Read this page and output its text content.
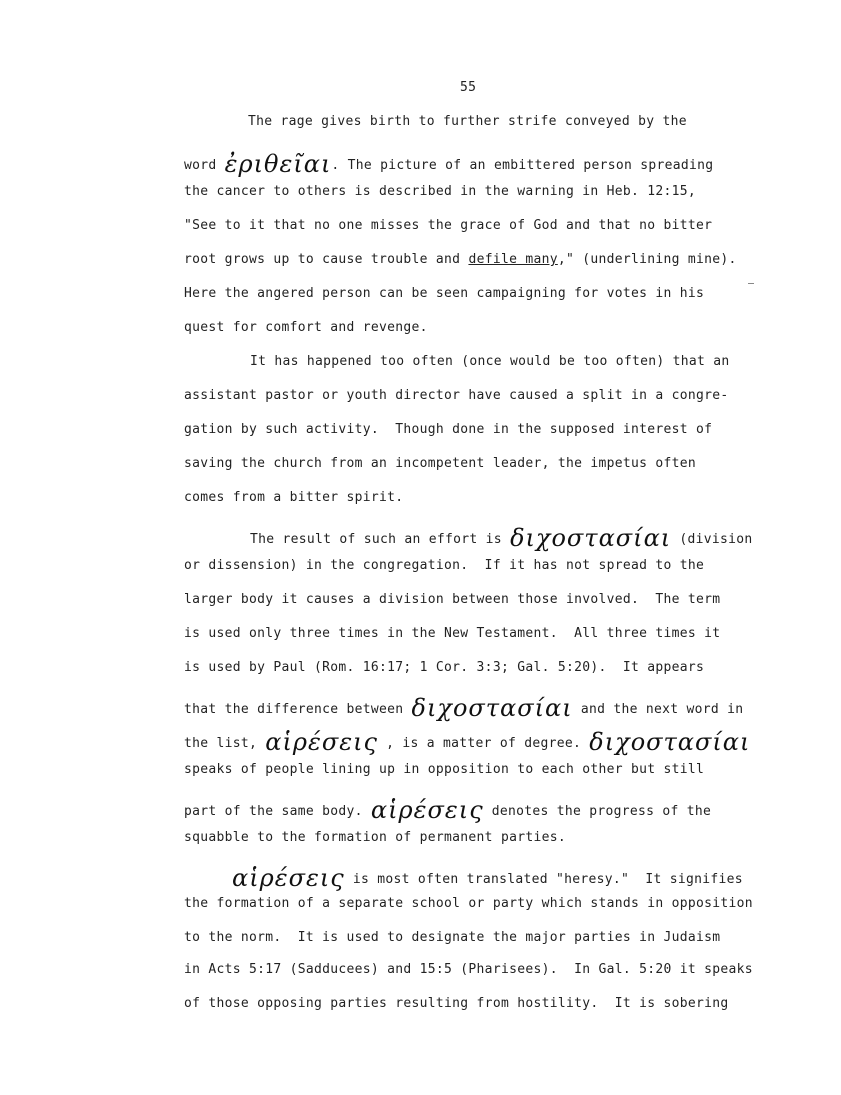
55
The rage gives birth to further strife conveyed by the
word ἐριθεῖαι. The picture of an embittered person spreading
the cancer to others is described in the warning in Heb. 12:15,
"See to it that no one misses the grace of God and that no bitter
root grows up to cause trouble and defile many," (underlining mine).
Here the angered person can be seen campaigning for votes in his
quest for comfort and revenge.
It has happened too often (once would be too often) that an
assistant pastor or youth director have caused a split in a congre-
gation by such activity.  Though done in the supposed interest of
saving the church from an incompetent leader, the impetus often
comes from a bitter spirit.
The result of such an effort is διχοστασίαι (division
or dissension) in the congregation.  If it has not spread to the
larger body it causes a division between those involved.  The term
is used only three times in the New Testament.  All three times it
is used by Paul (Rom. 16:17; 1 Cor. 3:3; Gal. 5:20).  It appears
that the difference between διχοστασίαι and the next word in
the list, αἱρέσεις , is a matter of degree. διχοστασίαι
speaks of people lining up in opposition to each other but still
part of the same body. αἱρέσεις denotes the progress of the
squabble to the formation of permanent parties.
αἱρέσεις is most often translated "heresy."  It signifies
the formation of a separate school or party which stands in opposition
to the norm.  It is used to designate the major parties in Judaism
in Acts 5:17 (Sadducees) and 15:5 (Pharisees).  In Gal. 5:20 it speaks
of those opposing parties resulting from hostility.  It is sobering
